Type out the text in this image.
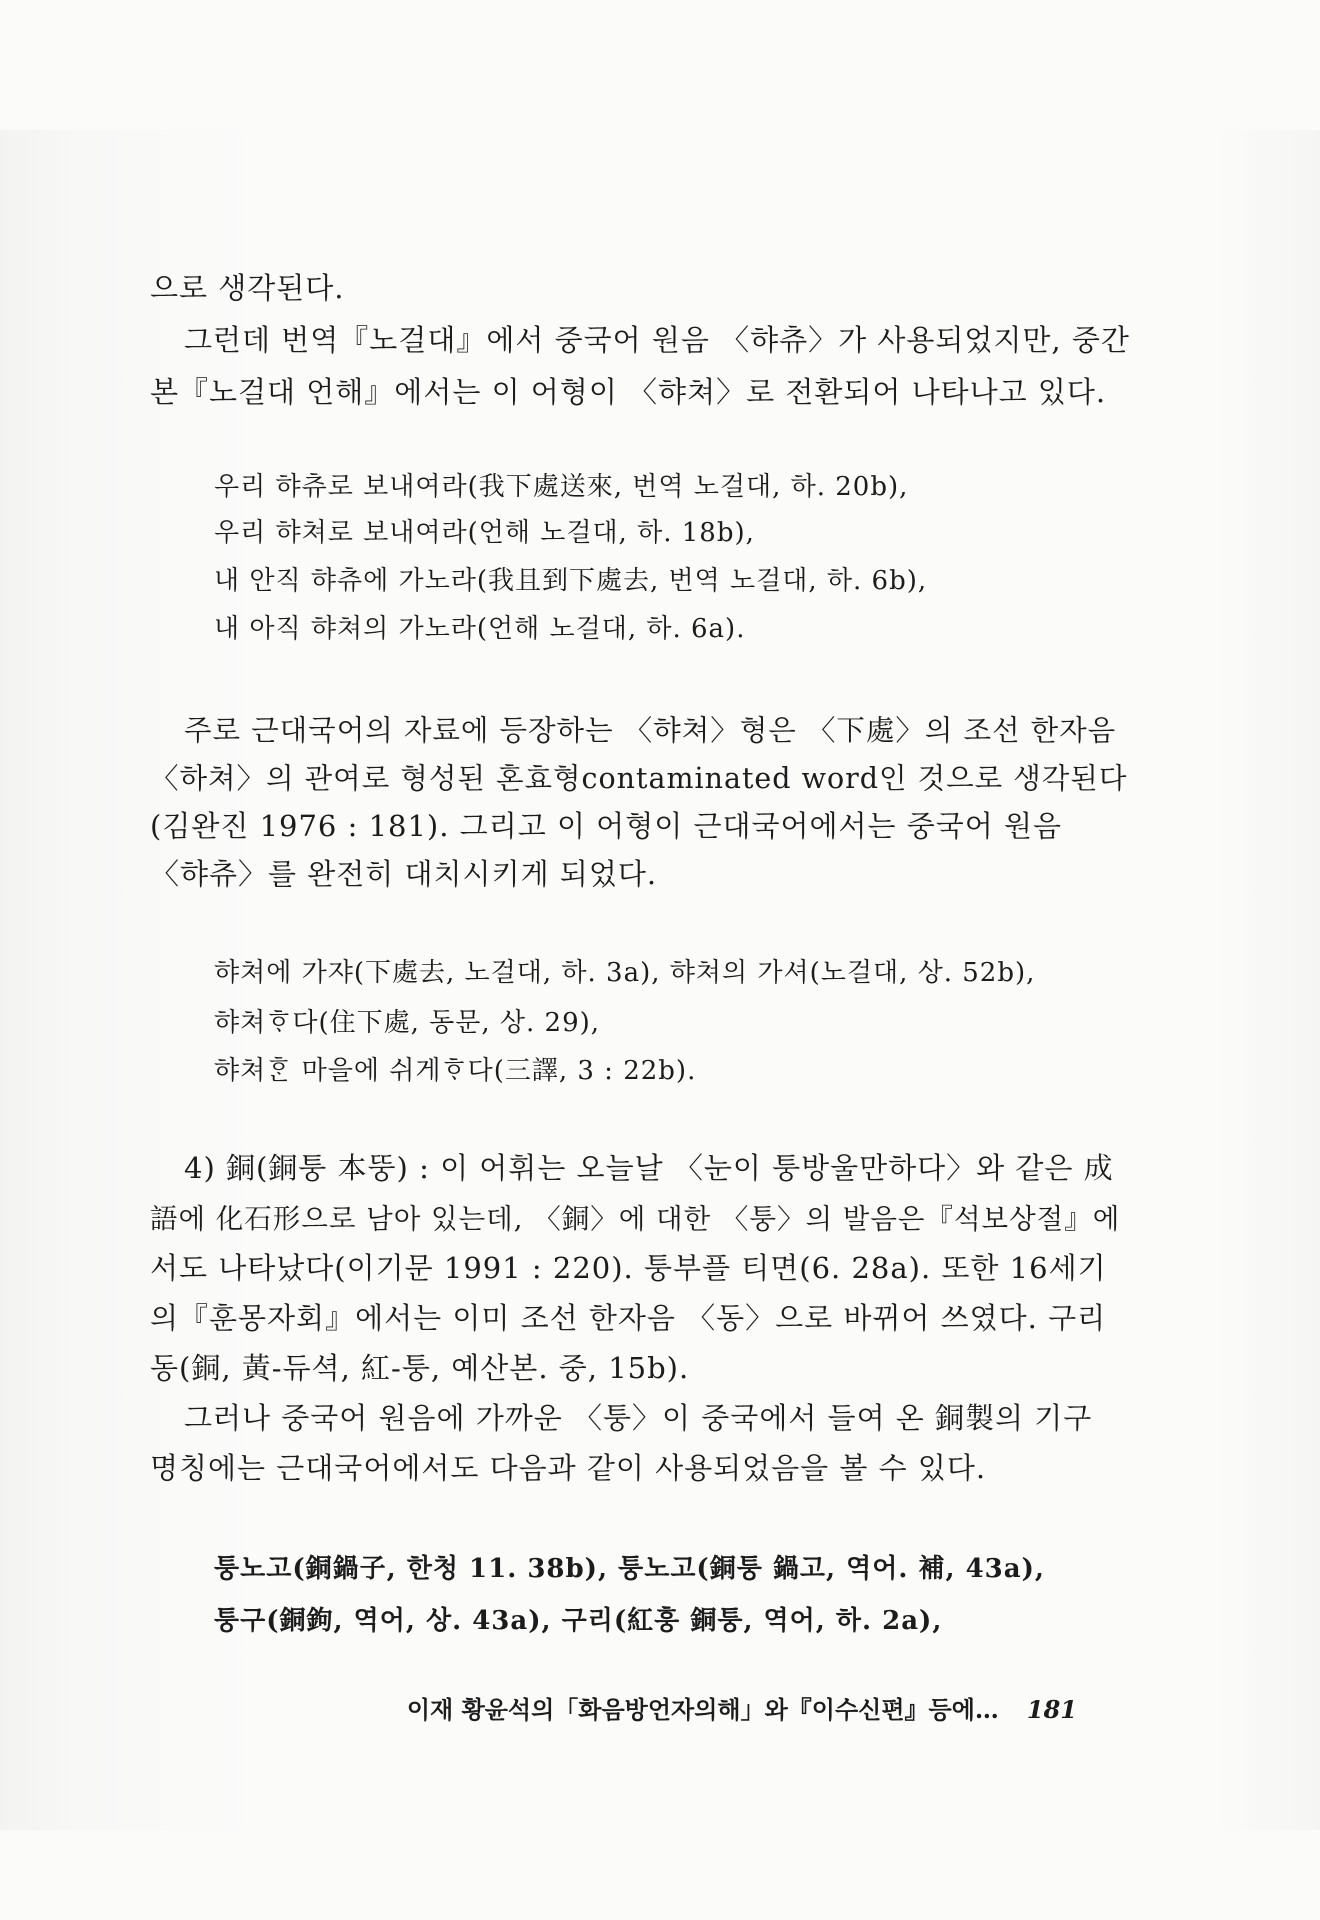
으로 생각된다.
그런데 번역『노걸대』에서 중국어 원음 〈햐츄〉가 사용되었지만, 중간
본『노걸대 언해』에서는 이 어형이 〈햐쳐〉로 전환되어 나타나고 있다.
우리 햐츄로 보내여라(我下處送來, 번역 노걸대, 하. 20b),
우리 햐쳐로 보내여라(언해 노걸대, 하. 18b),
내 안직 햐츄에 가노라(我且到下處去, 번역 노걸대, 하. 6b),
내 아직 햐쳐의 가노라(언해 노걸대, 하. 6a).
주로 근대국어의 자료에 등장하는 〈햐쳐〉형은 〈下處〉의 조선 한자음
〈하쳐〉의 관여로 형성된 혼효형contaminated word인 것으로 생각된다
(김완진 1976 : 181). 그리고 이 어형이 근대국어에서는 중국어 원음
〈햐츄〉를 완전히 대치시키게 되었다.
햐쳐에 가쟈(下處去, 노걸대, 하. 3a), 햐쳐의 가셔(노걸대, 상. 52b),
햐쳐ᄒᆞ다(住下處, 동문, 상. 29),
햐쳐ᄒᆞᆫ 마을에 쉬게ᄒᆞ다(三譯, 3 : 22b).
4) 銅(銅퉁 本뚱) : 이 어휘는 오늘날 〈눈이 퉁방울만하다〉와 같은 成
語에 化石形으로 남아 있는데, 〈銅〉에 대한 〈퉁〉의 발음은『석보상절』에
서도 나타났다(이기문 1991 : 220). 퉁부플 티면(6. 28a). 또한 16세기
의『훈몽자회』에서는 이미 조선 한자음 〈동〉으로 바뀌어 쓰였다. 구리
동(銅, 黃-듀셕, 紅-퉁, 예산본. 중, 15b).
그러나 중국어 원음에 가까운 〈퉁〉이 중국에서 들여 온 銅製의 기구
명칭에는 근대국어에서도 다음과 같이 사용되었음을 볼 수 있다.
퉁노고(銅鍋子, 한청 11. 38b), 퉁노고(銅퉁 鍋고, 역어. 補, 43a),
퉁구(銅鉤, 역어, 상. 43a), 구리(紅훙 銅퉁, 역어, 하. 2a),
이재 황윤석의「화음방언자의해」와『이수신편』등에… 181
